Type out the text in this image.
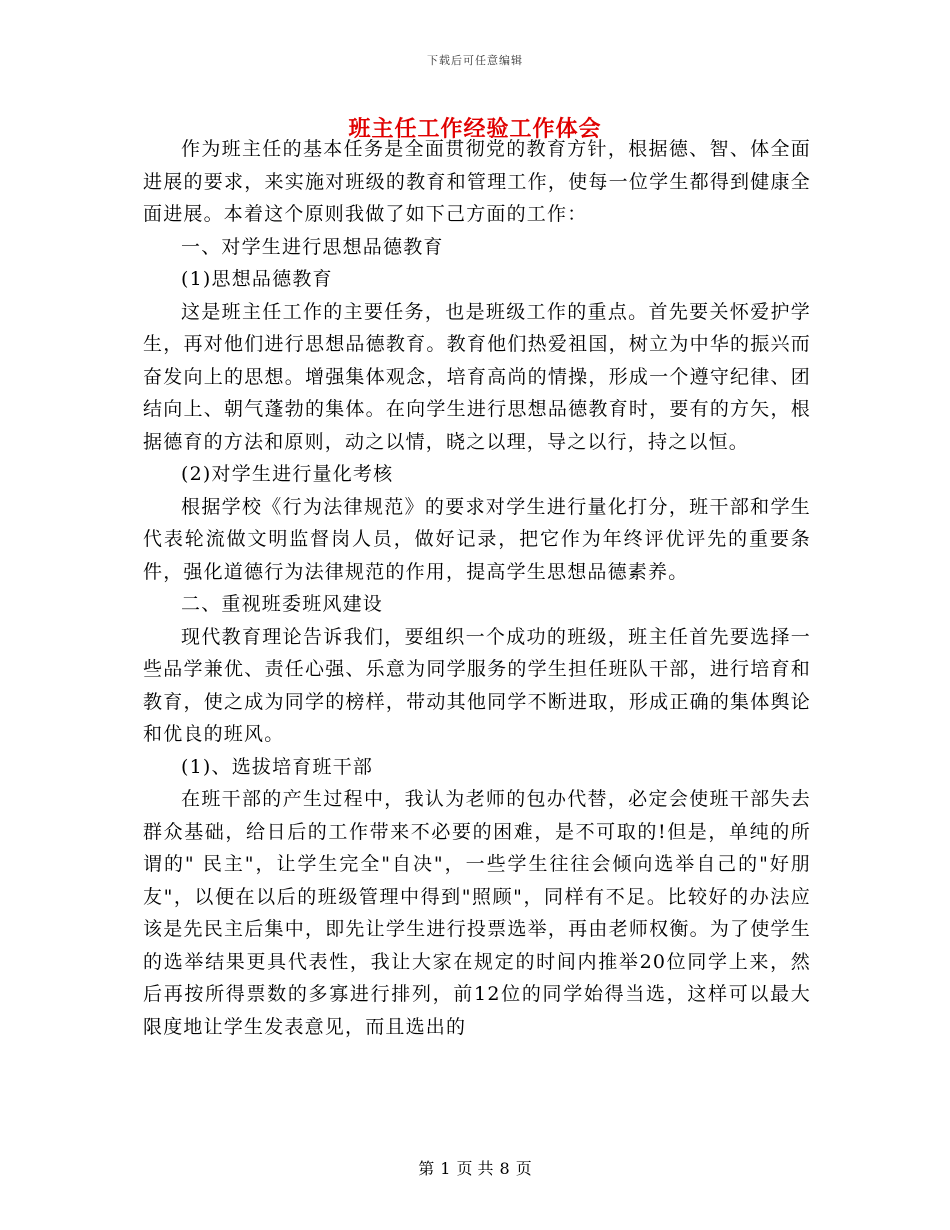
下载后可任意编辑
班主任工作经验工作体会

作为班主任的基本任务是全面贯彻党的教育方针，根据德、智、体全面进展的要求，来实施对班级的教育和管理工作，使每一位学生都得到健康全面进展。本着这个原则我做了如下己方面的工作：

一、对学生进行思想品德教育

(1)思想品德教育

这是班主任工作的主要任务，也是班级工作的重点。首先要关怀爱护学生，再对他们进行思想品德教育。教育他们热爱祖国，树立为中华的振兴而奋发向上的思想。增强集体观念，培育高尚的情操，形成一个遵守纪律、团结向上、朝气蓬勃的集体。在向学生进行思想品德教育时，要有的方矢，根据德育的方法和原则，动之以情，晓之以理，导之以行，持之以恒。

(2)对学生进行量化考核

根据学校《行为法律规范》的要求对学生进行量化打分，班干部和学生代表轮流做文明监督岗人员，做好记录，把它作为年终评优评先的重要条件，强化道德行为法律规范的作用，提高学生思想品德素养。

二、重视班委班风建设

现代教育理论告诉我们，要组织一个成功的班级，班主任首先要选择一些品学兼优、责任心强、乐意为同学服务的学生担任班队干部，进行培育和教育，使之成为同学的榜样，带动其他同学不断进取，形成正确的集体舆论和优良的班风。

(1)、选拔培育班干部

在班干部的产生过程中，我认为老师的包办代替，必定会使班干部失去群众基础，给日后的工作带来不必要的困难，是不可取的!但是，单纯的所谓的" 民主"，让学生完全"自决"，一些学生往往会倾向选举自己的"好朋友"，以便在以后的班级管理中得到"照顾"，同样有不足。比较好的办法应该是先民主后集中，即先让学生进行投票选举，再由老师权衡。为了使学生的选举结果更具代表性，我让大家在规定的时间内推举20位同学上来，然后再按所得票数的多寡进行排列，前12位的同学始得当选，这样可以最大限度地让学生发表意见，而且选出的

第 1 页 共 8 页
